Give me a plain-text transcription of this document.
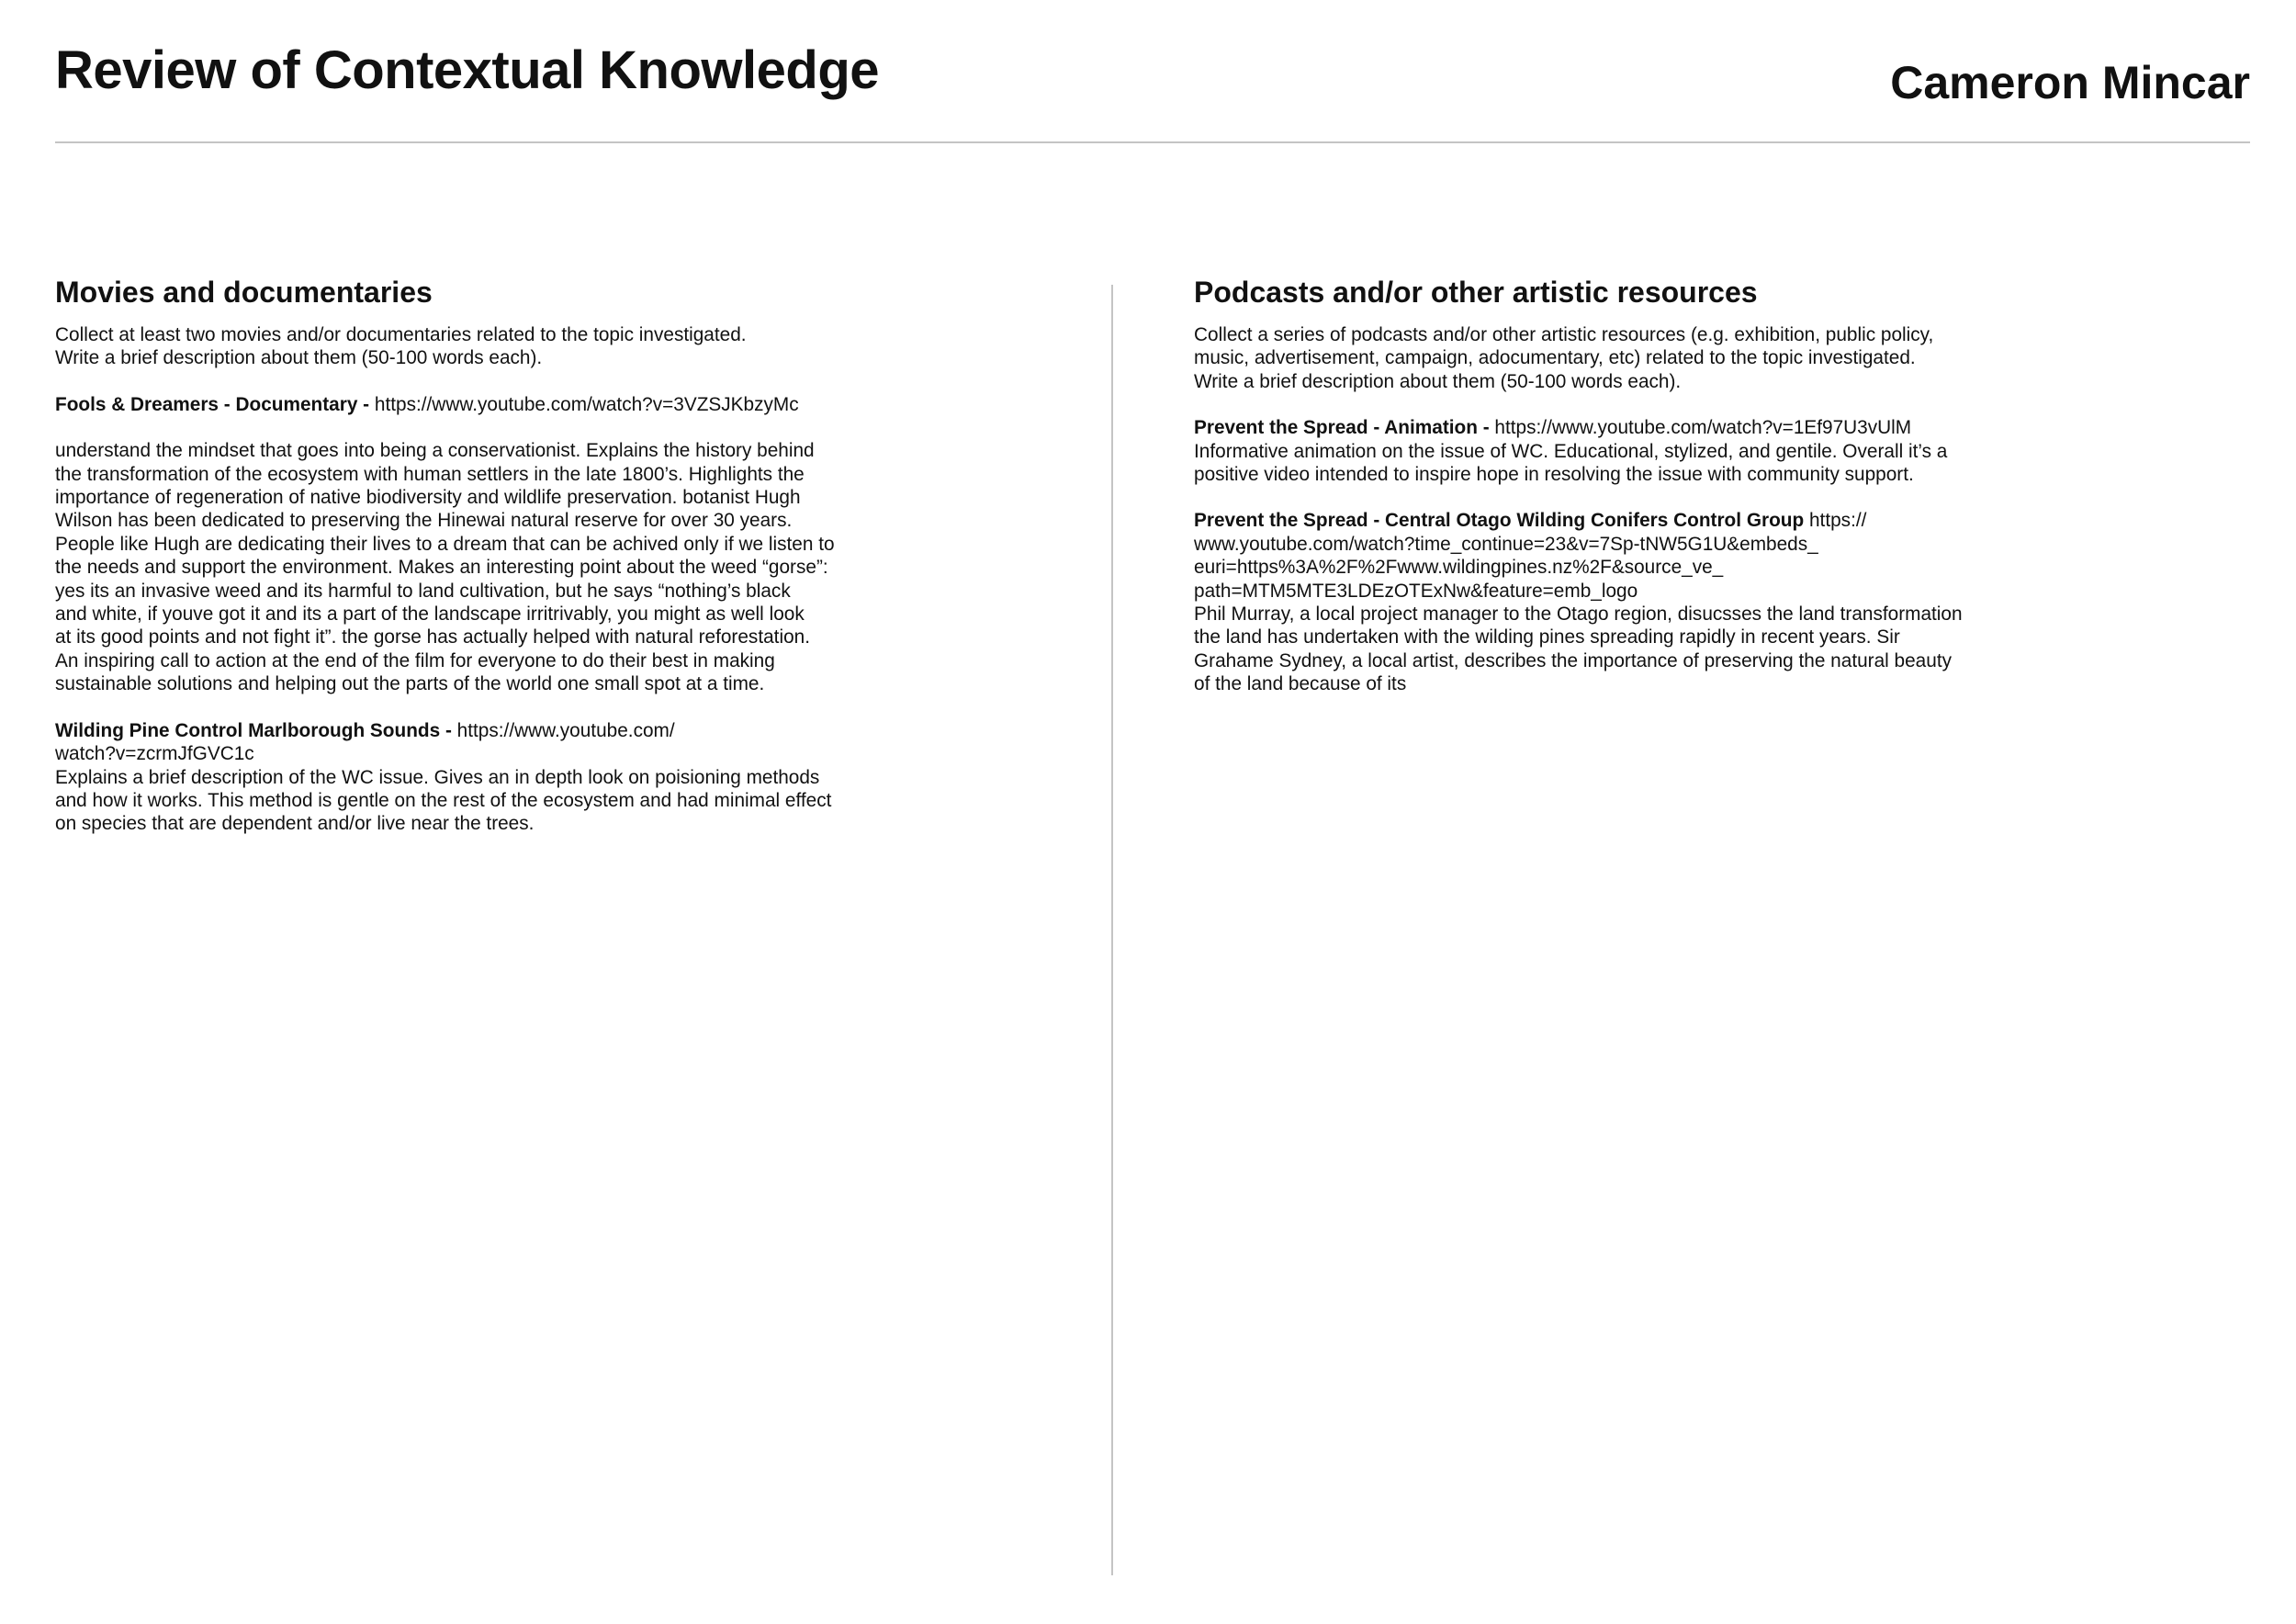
Review of Contextual Knowledge	Cameron Mincar
Movies and documentaries

Collect at least two movies and/or documentaries related to the topic investigated.
Write a brief description about them (50-100 words each).

Fools & Dreamers - Documentary - https://www.youtube.com/watch?v=3VZSJKbzyMc

understand the mindset that goes into being a conservationist. Explains the history behind
the transformation of the ecosystem with human settlers in the late 1800’s. Highlights the
importance of regeneration of native biodiversity and wildlife preservation. botanist Hugh
Wilson has been dedicated to preserving the Hinewai natural reserve for over 30 years.
People like Hugh are dedicating their lives to a dream that can be achived only if we listen to
the needs and support the environment. Makes an interesting point about the weed “gorse”:
yes its an invasive weed and its harmful to land cultivation, but he says “nothing’s black
and white, if youve got it and its a part of the landscape irritrivably, you might as well look
at its good points and not fight it”. the gorse has actually helped with natural reforestation.
An inspiring call to action at the end of the film for everyone to do their best in making
sustainable solutions and helping out the parts of the world one small spot at a time.

Wilding Pine Control Marlborough Sounds - https://www.youtube.com/
watch?v=zcrmJfGVC1c
Explains a brief description of the WC issue. Gives an in depth look on poisioning methods
and how it works. This method is gentle on the rest of the ecosystem and had minimal effect
on species that are dependent and/or live near the trees.

Podcasts and/or other artistic resources

Collect a series of podcasts and/or other artistic resources (e.g. exhibition, public policy,
music, advertisement, campaign, adocumentary, etc) related to the topic investigated.
Write a brief description about them (50-100 words each).

Prevent the Spread - Animation - https://www.youtube.com/watch?v=1Ef97U3vUlM
Informative animation on the issue of WC. Educational, stylized, and gentile. Overall it’s a
positive video intended to inspire hope in resolving the issue with community support.

Prevent the Spread - Central Otago Wilding Conifers Control Group https://
www.youtube.com/watch?time_continue=23&v=7Sp-tNW5G1U&embeds_
euri=https%3A%2F%2Fwww.wildingpines.nz%2F&source_ve_
path=MTM5MTE3LDEzOTExNw&feature=emb_logo
Phil Murray, a local project manager to the Otago region, disucsses the land transformation
the land has undertaken with the wilding pines spreading rapidly in recent years. Sir
Grahame Sydney, a local artist, describes the importance of preserving the natural beauty
of the land because of its
